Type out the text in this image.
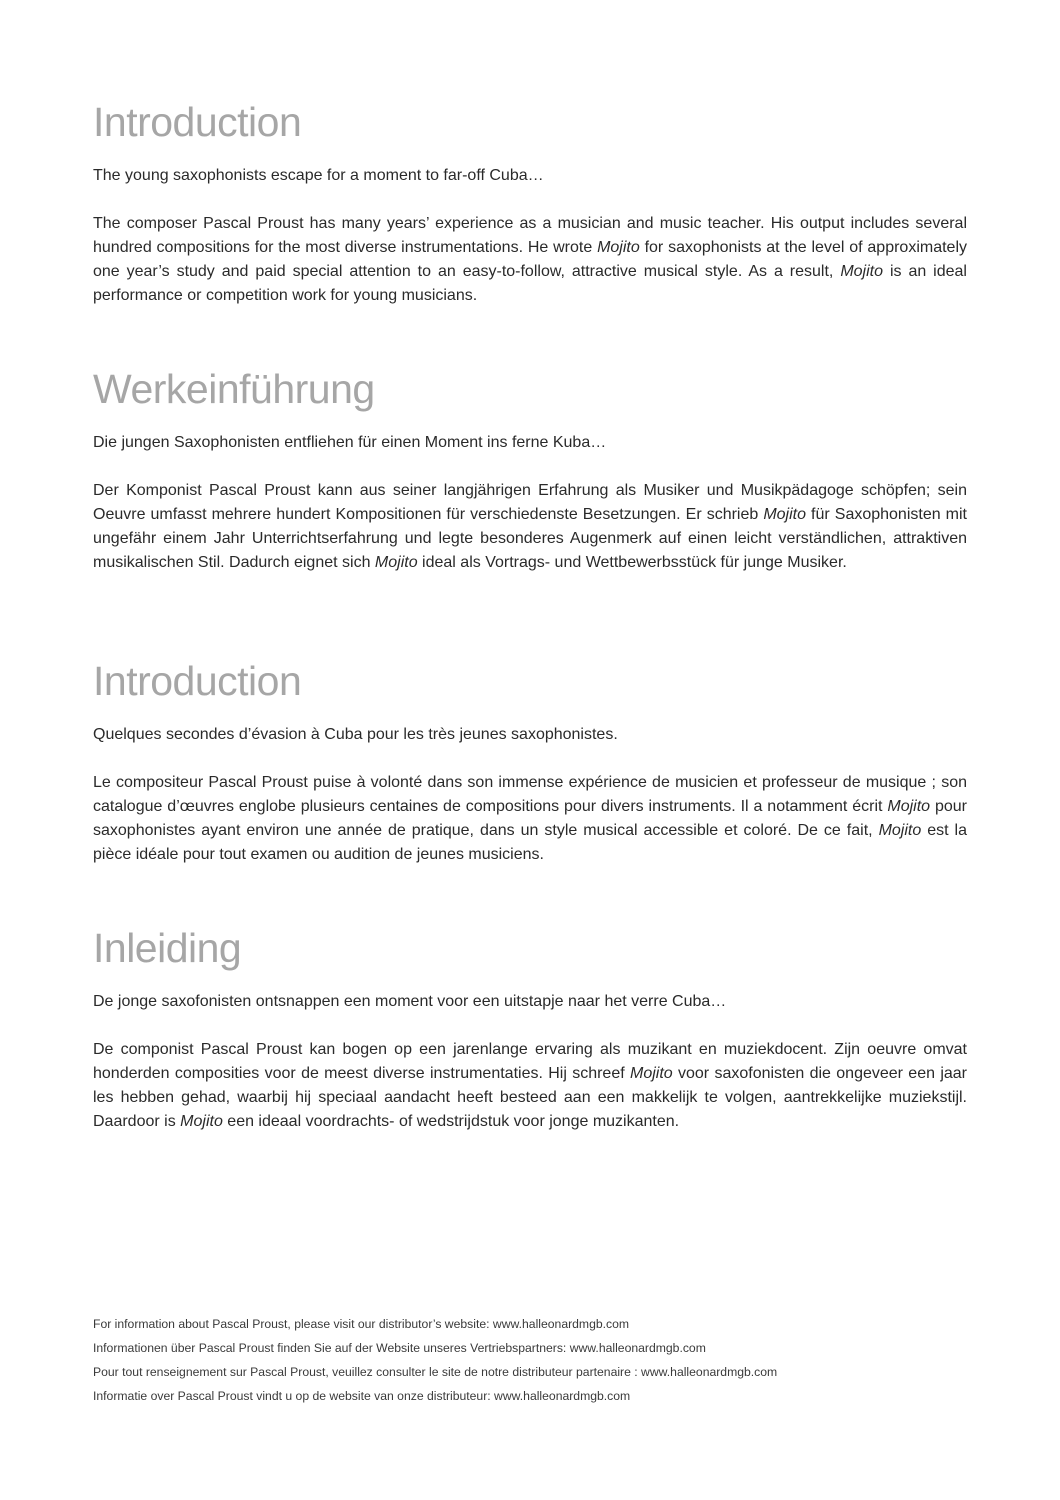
Introduction

The young saxophonists escape for a moment to far-off Cuba…

The composer Pascal Proust has many years’ experience as a musician and music teacher. His output includes several hundred compositions for the most diverse instrumentations. He wrote Mojito for saxophonists at the level of approximately one year’s study and paid special attention to an easy-to-follow, attractive musical style. As a result, Mojito is an ideal performance or competition work for young musicians.

Werkeinführung

Die jungen Saxophonisten entfliehen für einen Moment ins ferne Kuba…

Der Komponist Pascal Proust kann aus seiner langjährigen Erfahrung als Musiker und Musikpädagoge schöpfen; sein Oeuvre umfasst mehrere hundert Kompositionen für verschiedenste Besetzungen. Er schrieb Mojito für Saxophonisten mit ungefähr einem Jahr Unterrichtserfahrung und legte besonderes Augenmerk auf einen leicht verständlichen, attraktiven musikalischen Stil. Dadurch eignet sich Mojito ideal als Vortrags- und Wettbewerbsstück für junge Musiker.

Introduction

Quelques secondes d’évasion à Cuba pour les très jeunes saxophonistes.

Le compositeur Pascal Proust puise à volonté dans son immense expérience de musicien et professeur de musique ; son catalogue d’œuvres englobe plusieurs centaines de compositions pour divers instruments. Il a notamment écrit Mojito pour saxophonistes ayant environ une année de pratique, dans un style musical accessible et coloré. De ce fait, Mojito est la pièce idéale pour tout examen ou audition de jeunes musiciens.

Inleiding

De jonge saxofonisten ontsnappen een moment voor een uitstapje naar het verre Cuba…

De componist Pascal Proust kan bogen op een jarenlange ervaring als muzikant en muziekdocent. Zijn oeuvre omvat honderden composities voor de meest diverse instrumentaties. Hij schreef Mojito voor saxofonisten die ongeveer een jaar les hebben gehad, waarbij hij speciaal aandacht heeft besteed aan een makkelijk te volgen, aantrekkelijke muziekstijl. Daardoor is Mojito een ideaal voordrachts- of wedstrijdstuk voor jonge muzikanten.

For information about Pascal Proust, please visit our distributor’s website: www.halleonardmgb.com

Informationen über Pascal Proust finden Sie auf der Website unseres Vertriebspartners: www.halleonardmgb.com

Pour tout renseignement sur Pascal Proust, veuillez consulter le site de notre distributeur partenaire : www.halleonardmgb.com

Informatie over Pascal Proust vindt u op de website van onze distributeur: www.halleonardmgb.com
